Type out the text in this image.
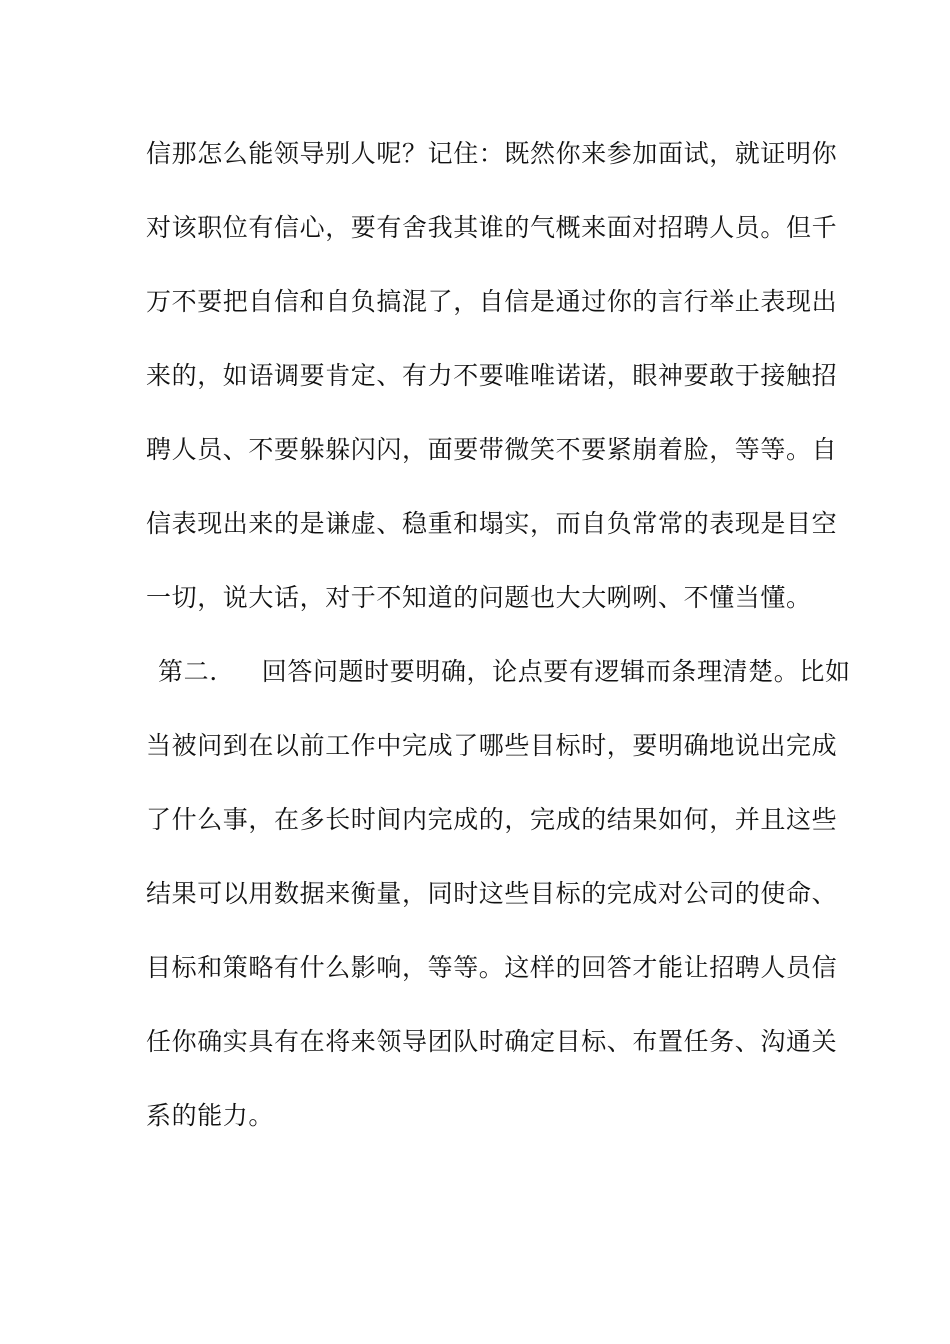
信那怎么能领导别人呢？记住：既然你来参加面试，就证明你
对该职位有信心，要有舍我其谁的气概来面对招聘人员。但千
万不要把自信和自负搞混了，自信是通过你的言行举止表现出
来的，如语调要肯定、有力不要唯唯诺诺，眼神要敢于接触招
聘人员、不要躲躲闪闪，面要带微笑不要紧崩着脸，等等。自
信表现出来的是谦虚、稳重和塌实，而自负常常的表现是目空
一切，说大话，对于不知道的问题也大大咧咧、不懂当懂。
第二. 回答问题时要明确，论点要有逻辑而条理清楚。比如
当被问到在以前工作中完成了哪些目标时，要明确地说出完成
了什么事，在多长时间内完成的，完成的结果如何，并且这些
结果可以用数据来衡量，同时这些目标的完成对公司的使命、
目标和策略有什么影响，等等。这样的回答才能让招聘人员信
任你确实具有在将来领导团队时确定目标、布置任务、沟通关
系的能力。
